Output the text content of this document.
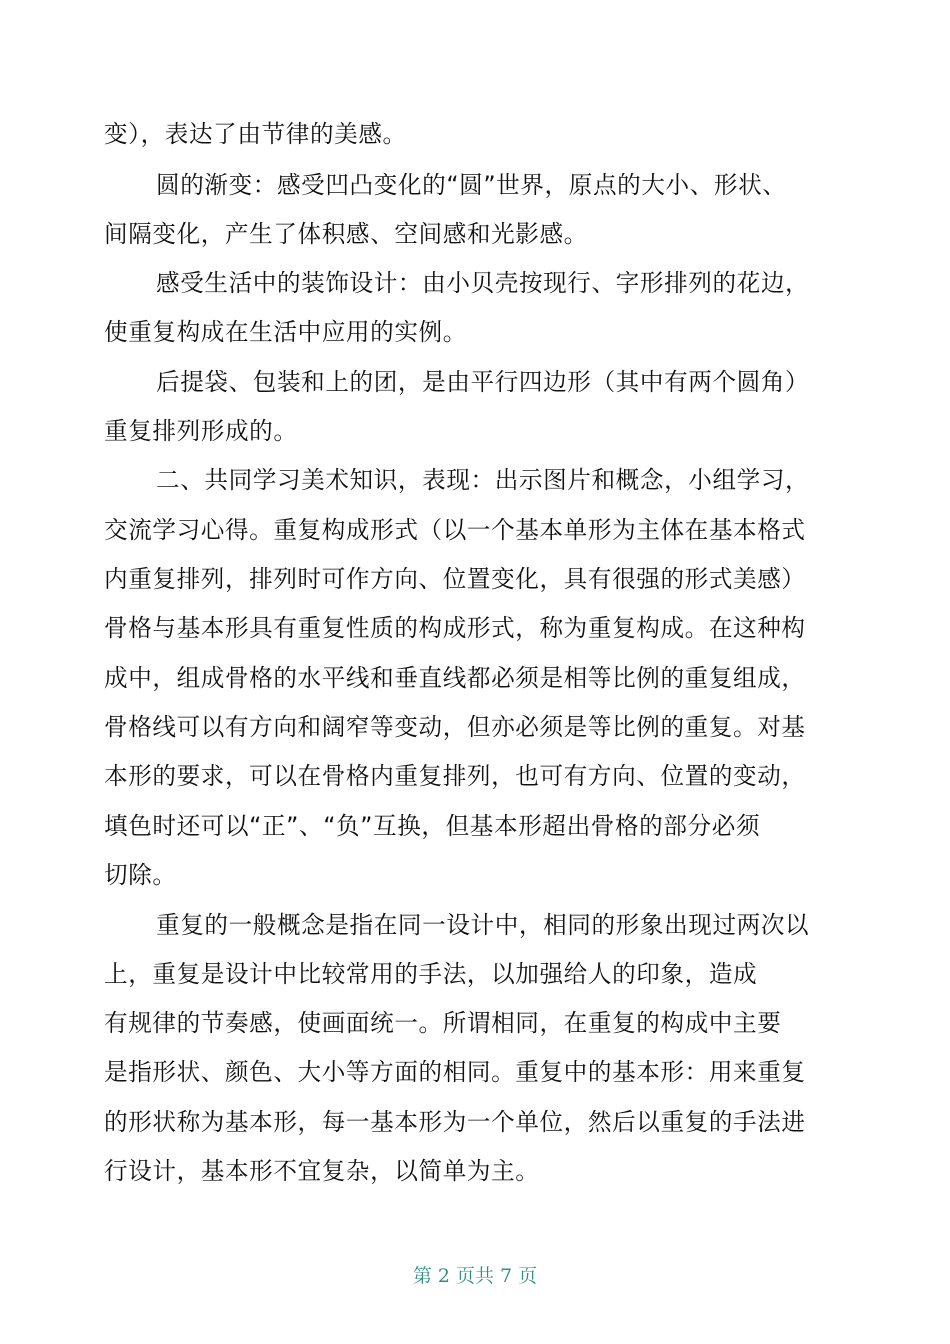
变），表达了由节律的美感。
圆的渐变：感受凹凸变化的“圆”世界，原点的大小、形状、
间隔变化，产生了体积感、空间感和光影感。
感受生活中的装饰设计：由小贝壳按现行、字形排列的花边，
使重复构成在生活中应用的实例。
后提袋、包装和上的团，是由平行四边形（其中有两个圆角）
重复排列形成的。
二、共同学习美术知识，表现：出示图片和概念，小组学习，
交流学习心得。重复构成形式（以一个基本单形为主体在基本格式
内重复排列，排列时可作方向、位置变化，具有很强的形式美感）
骨格与基本形具有重复性质的构成形式，称为重复构成。在这种构
成中，组成骨格的水平线和垂直线都必须是相等比例的重复组成，
骨格线可以有方向和阔窄等变动，但亦必须是等比例的重复。对基
本形的要求，可以在骨格内重复排列，也可有方向、位置的变动，
填色时还可以“正”、“负”互换，但基本形超出骨格的部分必须
切除。
重复的一般概念是指在同一设计中，相同的形象出现过两次以
上，重复是设计中比较常用的手法，以加强给人的印象，造成
有规律的节奏感，使画面统一。所谓相同，在重复的构成中主要
是指形状、颜色、大小等方面的相同。重复中的基本形：用来重复
的形状称为基本形，每一基本形为一个单位，然后以重复的手法进
行设计，基本形不宜复杂，以简单为主。
第 2 页共 7 页
